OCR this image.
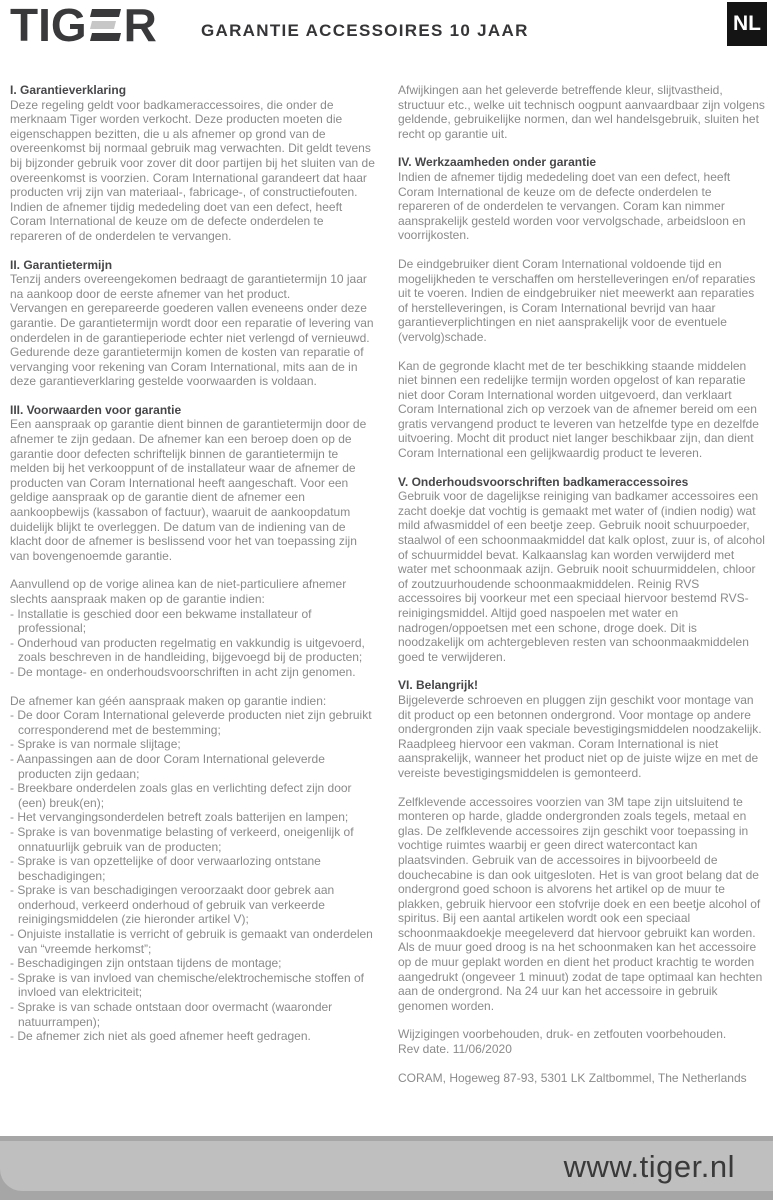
TIG R	GARANTIE ACCESSOIRES 10 JAAR	NL
I. Garantieverklaring

Deze regeling geldt voor badkameraccessoires, die onder de merknaam Tiger worden verkocht. Deze producten moeten die eigenschappen bezitten, die u als afnemer op grond van de overeenkomst bij normaal gebruik mag verwachten. Dit geldt tevens bij bijzonder gebruik voor zover dit door partijen bij het sluiten van de overeenkomst is voorzien. Coram International garandeert dat haar producten vrij zijn van materiaal-, fabricage-, of constructiefouten. Indien de afnemer tijdig mededeling doet van een defect, heeft Coram International de keuze om de defecte onderdelen te repareren of de onderdelen te vervangen.

II. Garantietermijn
Tenzij anders overeengekomen bedraagt de garantietermijn 10 jaar na aankoop door de eerste afnemer van het product.
Vervangen en gerepareerde goederen vallen eveneens onder deze garantie. De garantietermijn wordt door een reparatie of levering van onderdelen in de garantieperiode echter niet verlengd of vernieuwd.
Gedurende deze garantietermijn komen de kosten van reparatie of vervanging voor rekening van Coram International, mits aan de in deze garantieverklaring gestelde voorwaarden is voldaan.
III. Voorwaarden voor garantie

Een aanspraak op garantie dient binnen de garantietermijn door de afnemer te zijn gedaan. De afnemer kan een beroep doen op de garantie door defecten schriftelijk binnen de garantietermijn te melden bij het verkooppunt of de installateur waar de afnemer de producten van Coram International heeft aangeschaft. Voor een geldige aanspraak op de garantie dient de afnemer een aankoopbewijs (kassabon of factuur), waaruit de aankoopdatum duidelijk blijkt te overleggen. De datum van de indiening van de klacht door de afnemer is beslissend voor het van toepassing zijn van bovengenoemde garantie.

Aanvullend op de vorige alinea kan de niet-particuliere afnemer slechts aanspraak maken op de garantie indien:

- Installatie is geschied door een bekwame installateur of professional;
- Onderhoud van producten regelmatig en vakkundig is uitgevoerd, zoals beschreven in de handleiding, bijgevoegd bij de producten;
- De montage- en onderhoudsvoorschriften in acht zijn genomen.

De afnemer kan géén aanspraak maken op garantie indien:

- De door Coram International geleverde producten niet zijn gebruikt corresponderend met de bestemming;
- Sprake is van normale slijtage;
- Aanpassingen aan de door Coram International geleverde producten zijn gedaan;
- Breekbare onderdelen zoals glas en verlichting defect zijn door (een) breuk(en);
- Het vervangingsonderdelen betreft zoals batterijen en lampen;
- Sprake is van bovenmatige belasting of verkeerd, oneigenlijk of onnatuurlijk gebruik van de producten;
- Sprake is van opzettelijke of door verwaarlozing ontstane beschadigingen;
- Sprake is van beschadigingen veroorzaakt door gebrek aan onderhoud, verkeerd onderhoud of gebruik van verkeerde reinigingsmiddelen (zie hieronder artikel V);
- Onjuiste installatie is verricht of gebruik is gemaakt van onderdelen van “vreemde herkomst”;
- Beschadigingen zijn ontstaan tijdens de montage;
- Sprake is van invloed van chemische/elektrochemische stoffen of invloed van elektriciteit;
- Sprake is van schade ontstaan door overmacht (waaronder natuurrampen);
- De afnemer zich niet als goed afnemer heeft gedragen.

Afwijkingen aan het geleverde betreffende kleur, slijtvastheid, structuur etc., welke uit technisch oogpunt aanvaardbaar zijn volgens geldende, gebruikelijke normen, dan wel handelsgebruik, sluiten het recht op garantie uit.

IV. Werkzaamheden onder garantie

Indien de afnemer tijdig mededeling doet van een defect, heeft Coram International de keuze om de defecte onderdelen te repareren of de onderdelen te vervangen. Coram kan nimmer aansprakelijk gesteld worden voor vervolgschade, arbeidsloon en voorrijkosten.

De eindgebruiker dient Coram International voldoende tijd en mogelijkheden te verschaffen om herstelleveringen en/of reparaties uit te voeren. Indien de eindgebruiker niet meewerkt aan reparaties of herstelleveringen, is Coram International bevrijd van haar garantieverplichtingen en niet aansprakelijk voor de eventuele (vervolg)schade.

Kan de gegronde klacht met de ter beschikking staande middelen niet binnen een redelijke termijn worden opgelost of kan reparatie niet door Coram International worden uitgevoerd, dan verklaart Coram International zich op verzoek van de afnemer bereid om een gratis vervangend product te leveren van hetzelfde type en dezelfde uitvoering. Mocht dit product niet langer beschikbaar zijn, dan dient Coram International een gelijkwaardig product te leveren.

V. Onderhoudsvoorschriften badkameraccessoires

Gebruik voor de dagelijkse reiniging van badkamer accessoires een zacht doekje dat vochtig is gemaakt met water of (indien nodig) wat mild afwasmiddel of een beetje zeep. Gebruik nooit schuurpoeder, staalwol of een schoonmaakmiddel dat kalk oplost, zuur is, of alcohol of schuurmiddel bevat. Kalkaanslag kan worden verwijderd met water met schoonmaak azijn. Gebruik nooit schuurmiddelen, chloor of zoutzuurhoudende schoonmaakmiddelen. Reinig RVS accessoires bij voorkeur met een speciaal hiervoor bestemd RVS-reinigingsmiddel. Altijd goed naspoelen met water en nadrogen/oppoetsen met een schone, droge doek. Dit is noodzakelijk om achtergebleven resten van schoonmaakmiddelen goed te verwijderen.

VI. Belangrijk!

Bijgeleverde schroeven en pluggen zijn geschikt voor montage van dit product op een betonnen ondergrond. Voor montage op andere ondergronden zijn vaak speciale bevestigingsmiddelen noodzakelijk. Raadpleeg hiervoor een vakman. Coram International is niet aansprakelijk, wanneer het product niet op de juiste wijze en met de vereiste bevestigingsmiddelen is gemonteerd.

Zelfklevende accessoires voorzien van 3M tape zijn uitsluitend te monteren op harde, gladde ondergronden zoals tegels, metaal en glas. De zelfklevende accessoires zijn geschikt voor toepassing in vochtige ruimtes waarbij er geen direct watercontact kan plaatsvinden. Gebruik van de accessoires in bijvoorbeeld de douchecabine is dan ook uitgesloten. Het is van groot belang dat de ondergrond goed schoon is alvorens het artikel op de muur te plakken, gebruik hiervoor een stofvrije doek en een beetje alcohol of spiritus. Bij een aantal artikelen wordt ook een speciaal schoonmaakdoekje meegeleverd dat hiervoor gebruikt kan worden. Als de muur goed droog is na het schoonmaken kan het accessoire op de muur geplakt worden en dient het product krachtig te worden aangedrukt (ongeveer 1 minuut) zodat de tape optimaal kan hechten aan de ondergrond. Na 24 uur kan het accessoire in gebruik genomen worden.

Wijzigingen voorbehouden, druk- en zetfouten voorbehouden.

Rev date. 11/06/2020

CORAM, Hogeweg 87-93, 5301 LK Zaltbommel, The Netherlands

www.tiger.nl
